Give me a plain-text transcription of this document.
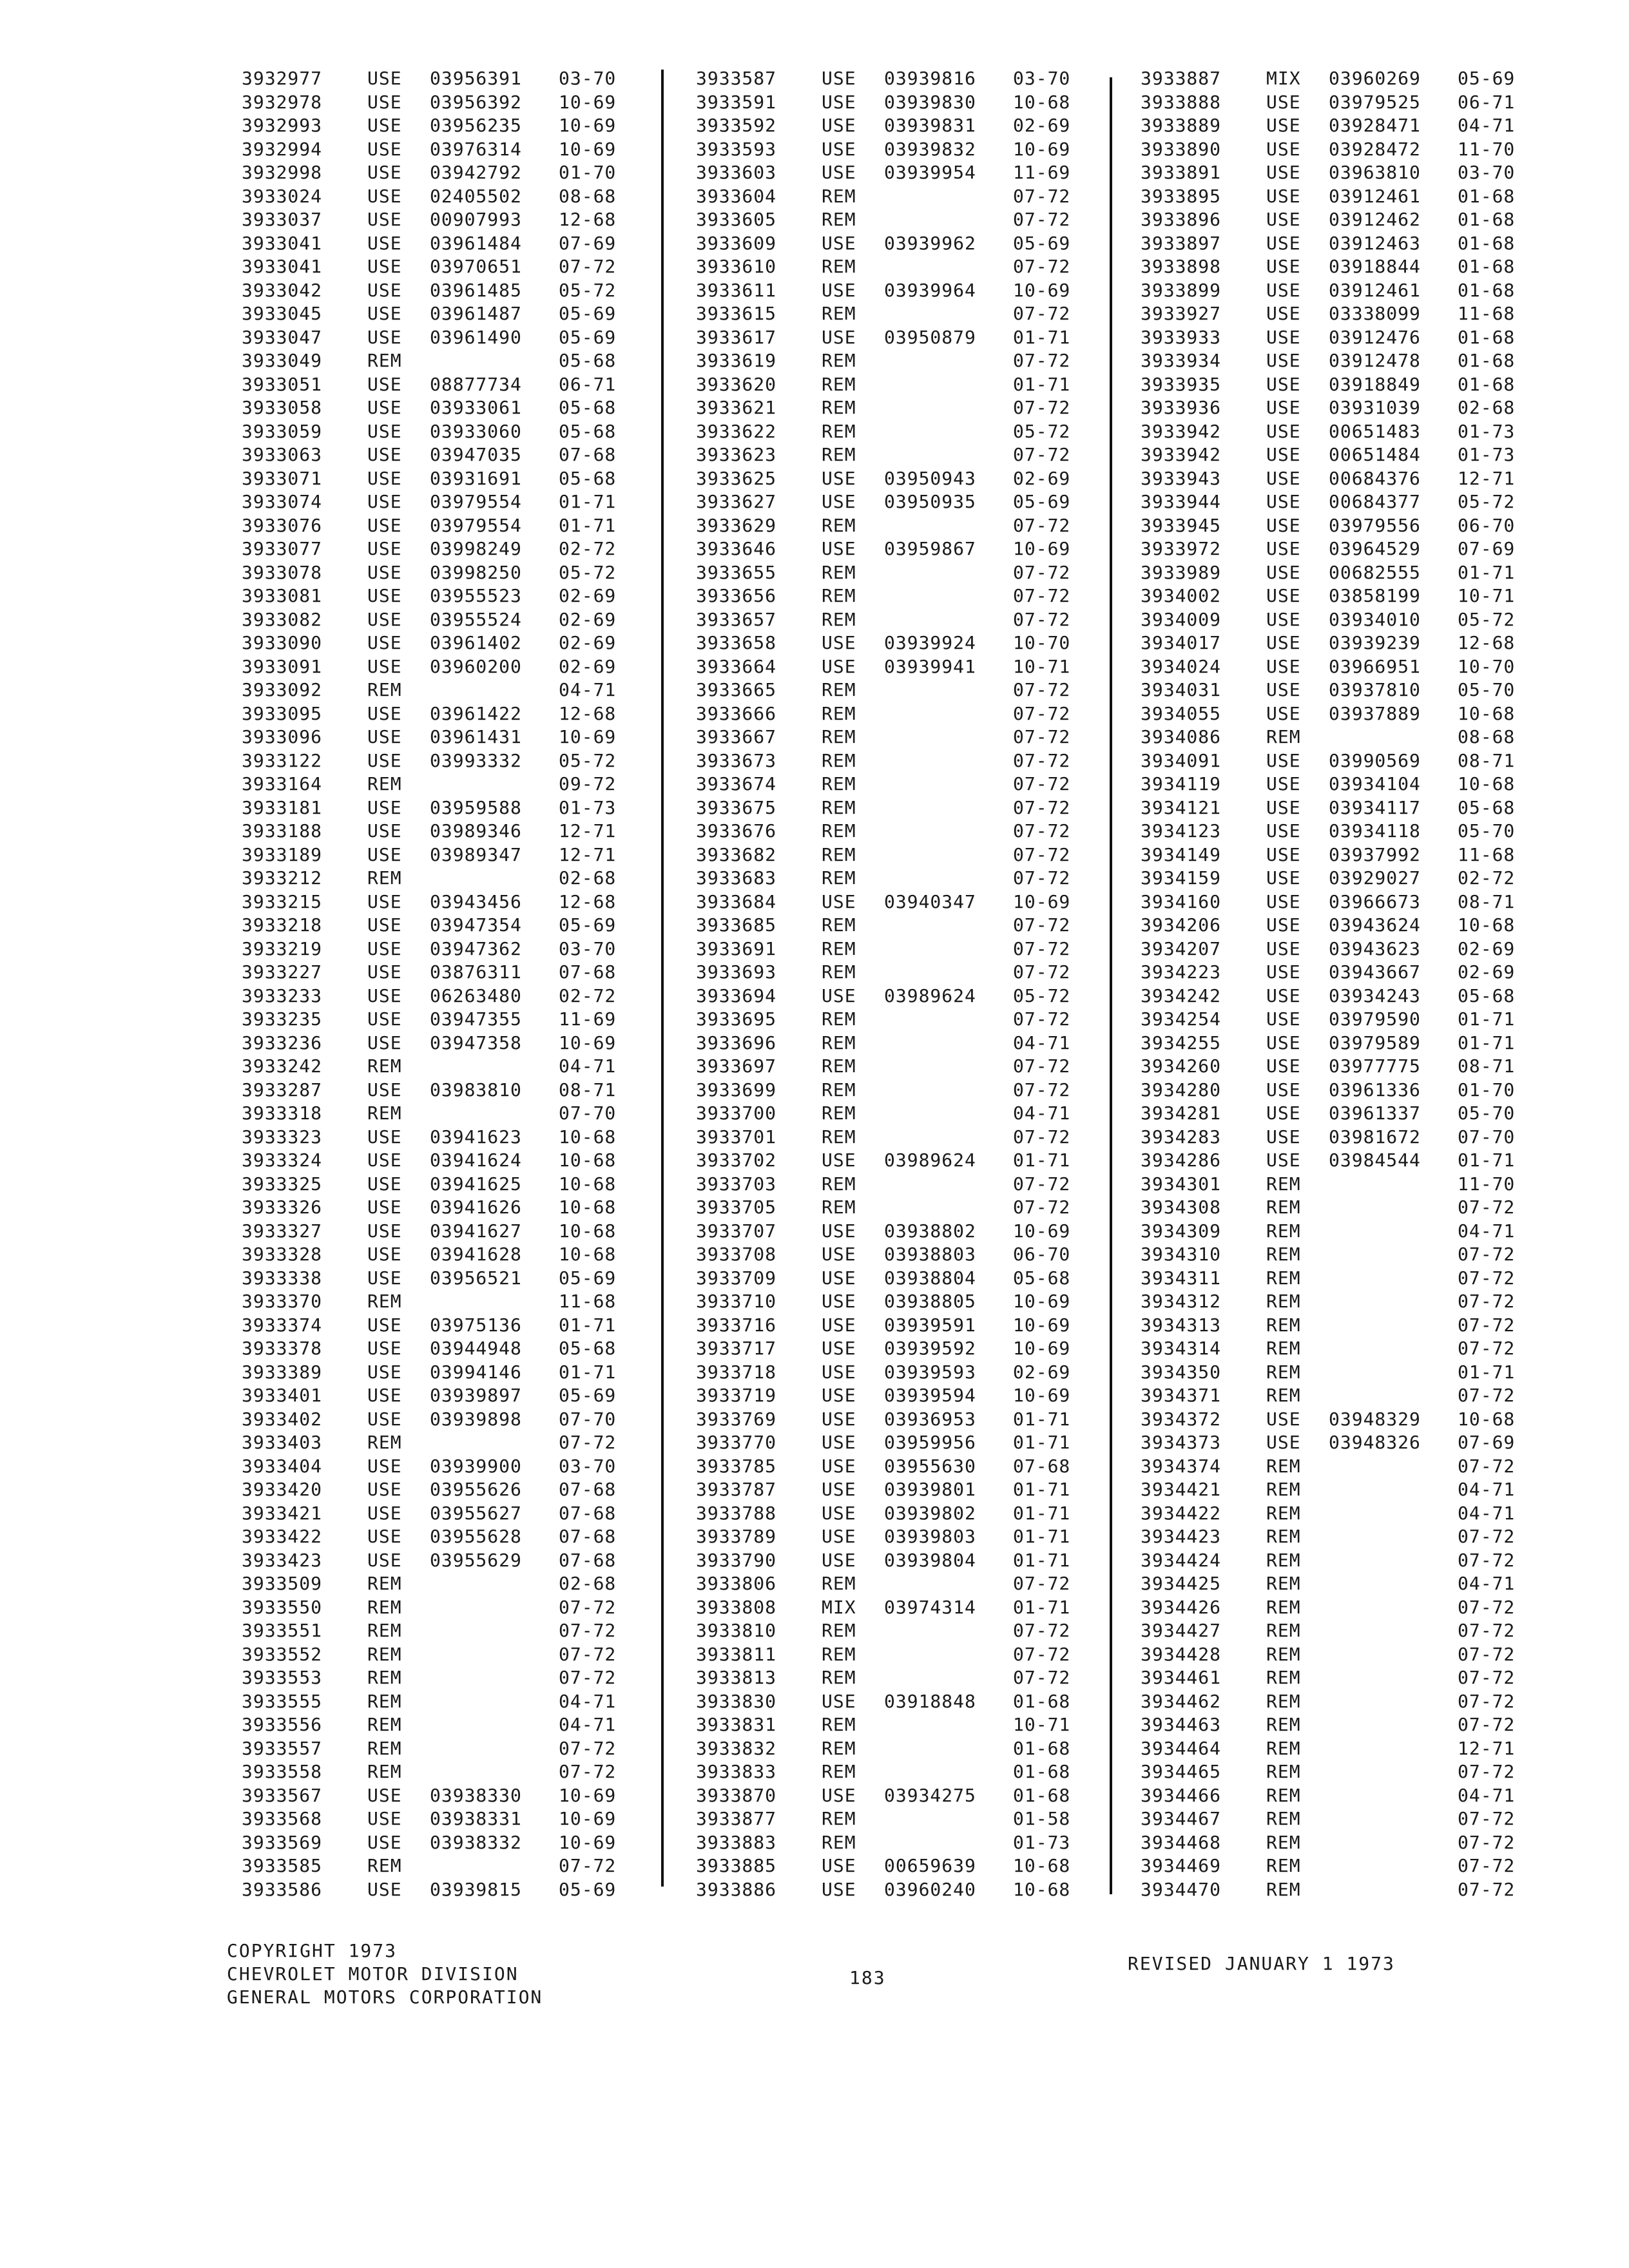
3932977 USE 03956391 03-70
3932978 USE 03956392 10-69
3932993 USE 03956235 10-69
3932994 USE 03976314 10-69
3932998 USE 03942792 01-70
3933024 USE 02405502 08-68
3933037 USE 00907993 12-68
3933041 USE 03961484 07-69
3933041 USE 03970651 07-72
3933042 USE 03961485 05-72
3933045 USE 03961487 05-69
3933047 USE 03961490 05-69
3933049 REM	05-68
3933051 USE 08877734 06-71
3933058 USE 03933061 05-68
3933059 USE 03933060 05-68
3933063 USE 03947035 07-68
3933071 USE 03931691 05-68
3933074 USE 03979554 01-71
3933076 USE 03979554 01-71
3933077 USE 03998249 02-72
3933078 USE 03998250 05-72
3933081 USE 03955523 02-69
3933082 USE 03955524 02-69
3933090 USE 03961402 02-69
3933091 USE 03960200 02-69
3933092 REM	04-71
3933095 USE 03961422 12-68
3933096 USE 03961431 10-69
3933122 USE 03993332 05-72
3933164 REM	09-72
3933181 USE 03959588 01-73
3933188 USE 03989346 12-71
3933189 USE 03989347 12-71
3933212 REM	02-68
3933215 USE 03943456 12-68
3933218 USE 03947354 05-69
3933219 USE 03947362 03-70
3933227 USE 03876311 07-68
3933233 USE 06263480 02-72
3933235 USE 03947355 11-69
3933236 USE 03947358 10-69
3933242 REM	04-71
3933287 USE 03983810 08-71
3933318 REM	07-70
3933323 USE 03941623 10-68
3933324 USE 03941624 10-68
3933325 USE 03941625 10-68
3933326 USE 03941626 10-68
3933327 USE 03941627 10-68
3933328 USE 03941628 10-68
3933338 USE 03956521 05-69
3933370 REM	11-68
3933374 USE 03975136 01-71
3933378 USE 03944948 05-68
3933389 USE 03994146 01-71
3933401 USE 03939897 05-69
3933402 USE 03939898 07-70
3933403 REM	07-72
3933404 USE 03939900 03-70
3933420 USE 03955626 07-68
3933421 USE 03955627 07-68
3933422 USE 03955628 07-68
3933423 USE 03955629 07-68
3933509 REM	02-68
3933550 REM	07-72
3933551 REM	07-72
3933552 REM	07-72
3933553 REM	07-72
3933555 REM	04-71
3933556 REM	04-71
3933557 REM	07-72
3933558 REM	07-72
3933567 USE 03938330 10-69
3933568 USE 03938331 10-69
3933569 USE 03938332 10-69
3933585 REM	07-72
3933586 USE 03939815 05-69
3933587 USE 03939816 03-70
3933591 USE 03939830 10-68
3933592 USE 03939831 02-69
3933593 USE 03939832 10-69
3933603 USE 03939954 11-69
3933604 REM	07-72
3933605 REM	07-72
3933609 USE 03939962 05-69
3933610 REM	07-72
3933611 USE 03939964 10-69
3933615 REM	07-72
3933617 USE 03950879 01-71
3933619 REM	07-72
3933620 REM	01-71
3933621 REM	07-72
3933622 REM	05-72
3933623 REM	07-72
3933625 USE 03950943 02-69
3933627 USE 03950935 05-69
3933629 REM	07-72
3933646 USE 03959867 10-69
3933655 REM	07-72
3933656 REM	07-72
3933657 REM	07-72
3933658 USE 03939924 10-70
3933664 USE 03939941 10-71
3933665 REM	07-72
3933666 REM	07-72
3933667 REM	07-72
3933673 REM	07-72
3933674 REM	07-72
3933675 REM	07-72
3933676 REM	07-72
3933682 REM	07-72
3933683 REM	07-72
3933684 USE 03940347 10-69
3933685 REM	07-72
3933691 REM	07-72
3933693 REM	07-72
3933694 USE 03989624 05-72
3933695 REM	07-72
3933696 REM	04-71
3933697 REM	07-72
3933699 REM	07-72
3933700 REM	04-71
3933701 REM	07-72
3933702 USE 03989624 01-71
3933703 REM	07-72
3933705 REM	07-72
3933707 USE 03938802 10-69
3933708 USE 03938803 06-70
3933709 USE 03938804 05-68
3933710 USE 03938805 10-69
3933716 USE 03939591 10-69
3933717 USE 03939592 10-69
3933718 USE 03939593 02-69
3933719 USE 03939594 10-69
3933769 USE 03936953 01-71
3933770 USE 03959956 01-71
3933785 USE 03955630 07-68
3933787 USE 03939801 01-71
3933788 USE 03939802 01-71
3933789 USE 03939803 01-71
3933790 USE 03939804 01-71
3933806 REM	07-72
3933808 MIX 03974314 01-71
3933810 REM	07-72
3933811 REM	07-72
3933813 REM	07-72
3933830 USE 03918848 01-68
3933831 REM	10-71
3933832 REM	01-68
3933833 REM	01-68
3933870 USE 03934275 01-68
3933877 REM	01-58
3933883 REM	01-73
3933885 USE 00659639 10-68
3933886 USE 03960240 10-68
3933887 MIX 03960269 05-69
3933888 USE 03979525 06-71
3933889 USE 03928471 04-71
3933890 USE 03928472 11-70
3933891 USE 03963810 03-70
3933895 USE 03912461 01-68
3933896 USE 03912462 01-68
3933897 USE 03912463 01-68
3933898 USE 03918844 01-68
3933899 USE 03912461 01-68
3933927 USE 03338099 11-68
3933933 USE 03912476 01-68
3933934 USE 03912478 01-68
3933935 USE 03918849 01-68
3933936 USE 03931039 02-68
3933942 USE 00651483 01-73
3933942 USE 00651484 01-73
3933943 USE 00684376 12-71
3933944 USE 00684377 05-72
3933945 USE 03979556 06-70
3933972 USE 03964529 07-69
3933989 USE 00682555 01-71
3934002 USE 03858199 10-71
3934009 USE 03934010 05-72
3934017 USE 03939239 12-68
3934024 USE 03966951 10-70
3934031 USE 03937810 05-70
3934055 USE 03937889 10-68
3934086 REM	08-68
3934091 USE 03990569 08-71
3934119 USE 03934104 10-68
3934121 USE 03934117 05-68
3934123 USE 03934118 05-70
3934149 USE 03937992 11-68
3934159 USE 03929027 02-72
3934160 USE 03966673 08-71
3934206 USE 03943624 10-68
3934207 USE 03943623 02-69
3934223 USE 03943667 02-69
3934242 USE 03934243 05-68
3934254 USE 03979590 01-71
3934255 USE 03979589 01-71
3934260 USE 03977775 08-71
3934280 USE 03961336 01-70
3934281 USE 03961337 05-70
3934283 USE 03981672 07-70
3934286 USE 03984544 01-71
3934301 REM	11-70
3934308 REM	07-72
3934309 REM	04-71
3934310 REM	07-72
3934311 REM	07-72
3934312 REM	07-72
3934313 REM	07-72
3934314 REM	07-72
3934350 REM	01-71
3934371 REM	07-72
3934372 USE 03948329 10-68
3934373 USE 03948326 07-69
3934374 REM	07-72
3934421 REM	04-71
3934422 REM	04-71
3934423 REM	07-72
3934424 REM	07-72
3934425 REM	04-71
3934426 REM	07-72
3934427 REM	07-72
3934428 REM	07-72
3934461 REM	07-72
3934462 REM	07-72
3934463 REM	07-72
3934464 REM	12-71
3934465 REM	07-72
3934466 REM	04-71
3934467 REM	07-72
3934468 REM	07-72
3934469 REM	07-72
3934470 REM	07-72
COPYRIGHT 1973
CHEVROLET MOTOR DIVISION
GENERAL MOTORS CORPORATION
183
REVISED JANUARY 1 1973
